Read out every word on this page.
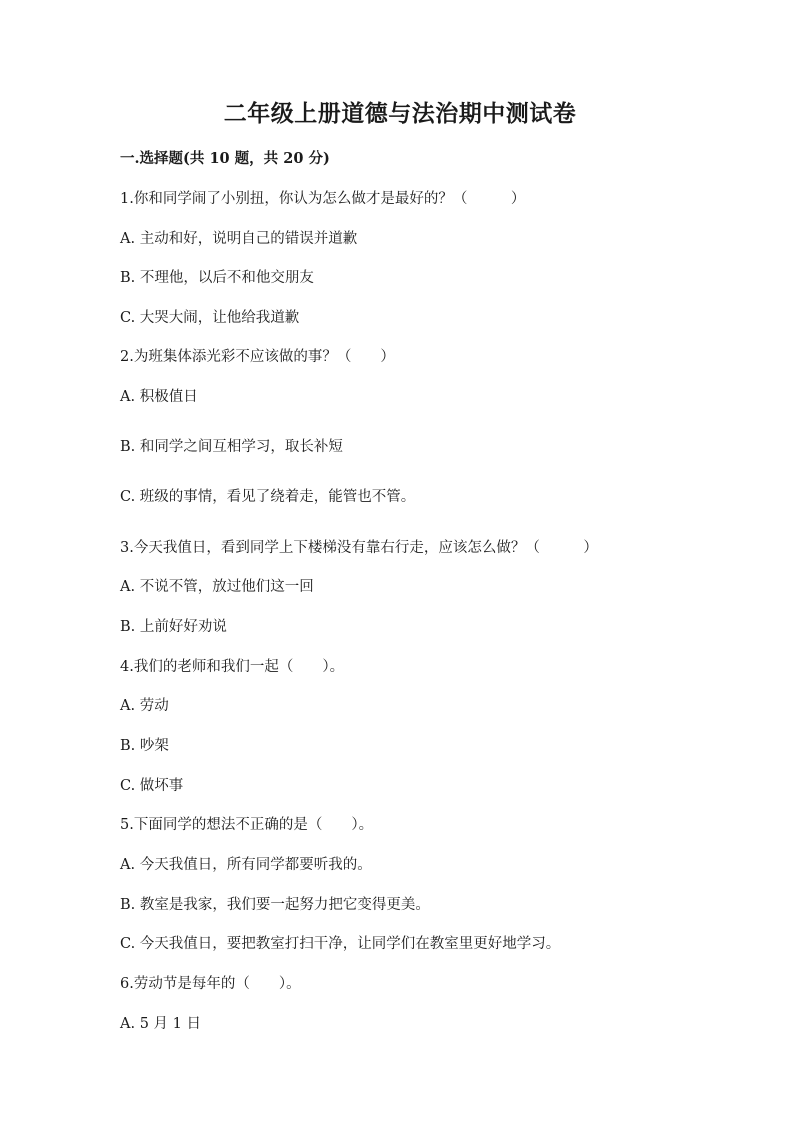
二年级上册道德与法治期中测试卷
一.选择题(共 10 题，共 20 分)
1.你和同学闹了小别扭，你认为怎么做才是最好的？（　　　）
A. 主动和好，说明自己的错误并道歉
B. 不理他，以后不和他交朋友
C. 大哭大闹，让他给我道歉
2.为班集体添光彩不应该做的事？（　　）
A. 积极值日
B. 和同学之间互相学习，取长补短
C. 班级的事情，看见了绕着走，能管也不管。
3.今天我值日，看到同学上下楼梯没有靠右行走，应该怎么做？（　　　）
A. 不说不管，放过他们这一回
B. 上前好好劝说
4.我们的老师和我们一起（　　）。
A. 劳动
B. 吵架
C. 做坏事
5.下面同学的想法不正确的是（　　）。
A. 今天我值日，所有同学都要听我的。
B. 教室是我家，我们要一起努力把它变得更美。
C. 今天我值日，要把教室打扫干净，让同学们在教室里更好地学习。
6.劳动节是每年的（　　）。
A. 5 月 1 日
